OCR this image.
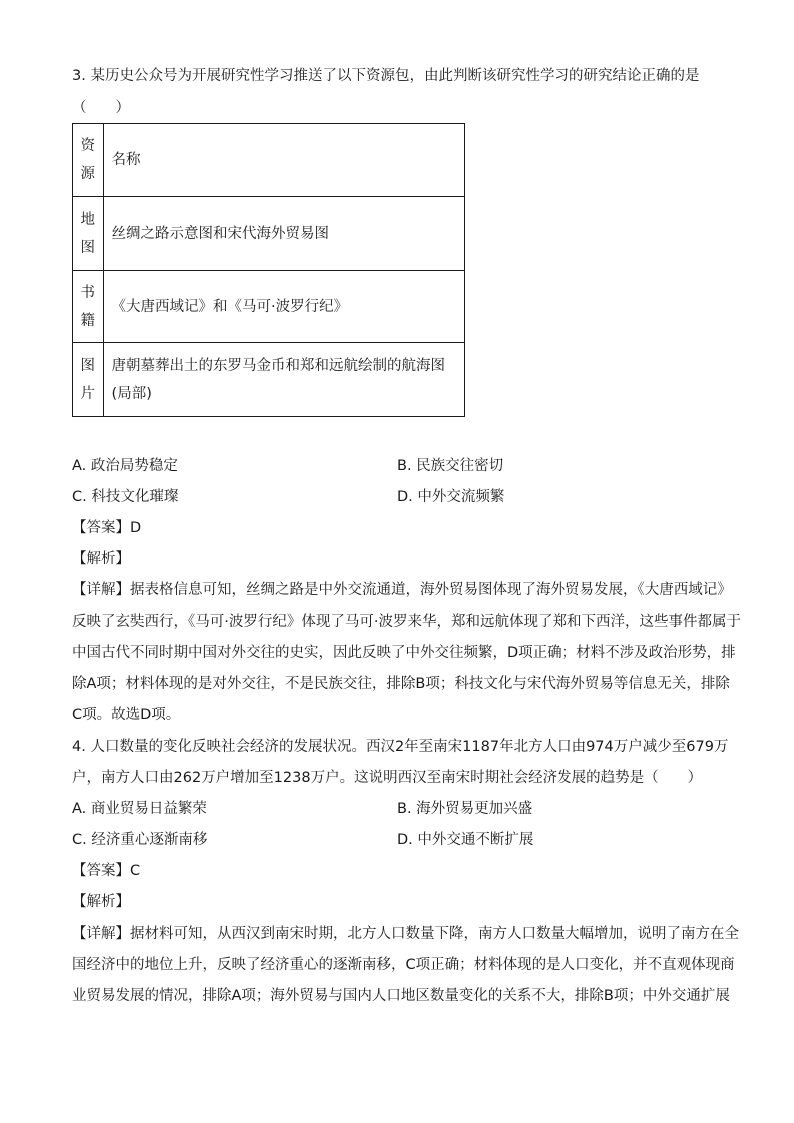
3. 某历史公众号为开展研究性学习推送了以下资源包，由此判断该研究性学习的研究结论正确的是
（　　）
资
源	名称

地
图	丝绸之路示意图和宋代海外贸易图

书
籍	《大唐西域记》和《马可·波罗行纪》

图
片	唐朝墓葬出土的东罗马金币和郑和远航绘制的航海图(局部)
A. 政治局势稳定	B. 民族交往密切
C. 科技文化璀璨	D. 中外交流频繁
【答案】D
【解析】
【详解】据表格信息可知，丝绸之路是中外交流通道，海外贸易图体现了海外贸易发展，《大唐西域记》
反映了玄奘西行，《马可·波罗行纪》体现了马可·波罗来华，郑和远航体现了郑和下西洋，这些事件都属于
中国古代不同时期中国对外交往的史实，因此反映了中外交往频繁，D项正确；材料不涉及政治形势，排
除A项；材料体现的是对外交往，不是民族交往，排除B项；科技文化与宋代海外贸易等信息无关，排除
C项。故选D项。
4. 人口数量的变化反映社会经济的发展状况。西汉2年至南宋1187年北方人口由974万户减少至679万
户，南方人口由262万户增加至1238万户。这说明西汉至南宋时期社会经济发展的趋势是（　　）
A. 商业贸易日益繁荣	B. 海外贸易更加兴盛
C. 经济重心逐渐南移	D. 中外交通不断扩展
【答案】C
【解析】
【详解】据材料可知，从西汉到南宋时期，北方人口数量下降，南方人口数量大幅增加，说明了南方在全
国经济中的地位上升，反映了经济重心的逐渐南移，C项正确；材料体现的是人口变化，并不直观体现商
业贸易发展的情况，排除A项；海外贸易与国内人口地区数量变化的关系不大，排除B项；中外交通扩展
